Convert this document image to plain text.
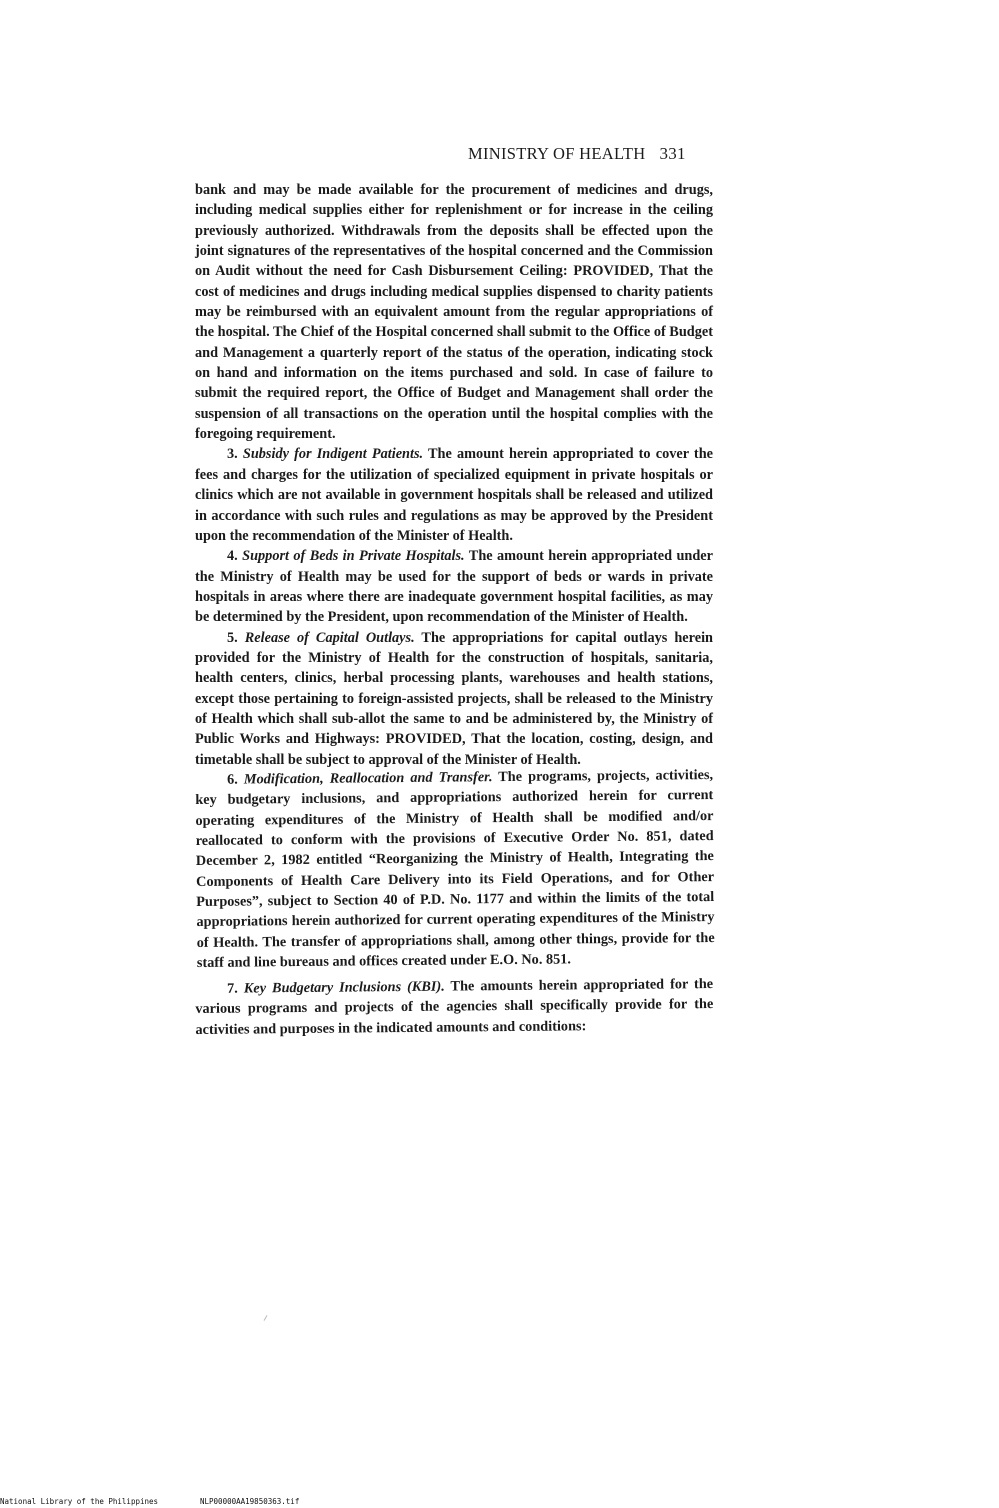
MINISTRY OF HEALTH 331

bank and may be made available for the procurement of medicines and drugs, including medical supplies either for replenishment or for increase in the ceiling previously authorized. Withdrawals from the deposits shall be effected upon the joint signatures of the representatives of the hospital concerned and the Commission on Audit without the need for Cash Disbursement Ceiling: PROVIDED, That the cost of medicines and drugs including medical supplies dispensed to charity patients may be reimbursed with an equivalent amount from the regular appropriations of the hospital. The Chief of the Hospital concerned shall submit to the Office of Budget and Management a quarterly report of the status of the operation, indicating stock on hand and information on the items purchased and sold. In case of failure to submit the required report, the Office of Budget and Management shall order the suspension of all transactions on the operation until the hospital complies with the foregoing requirement.

3. Subsidy for Indigent Patients. The amount herein appropriated to cover the fees and charges for the utilization of specialized equipment in private hospitals or clinics which are not available in government hospitals shall be released and utilized in accordance with such rules and regulations as may be approved by the President upon the recommendation of the Minister of Health.

4. Support of Beds in Private Hospitals. The amount herein appropriated under the Ministry of Health may be used for the support of beds or wards in private hospitals in areas where there are inadequate government hospital facilities, as may be determined by the President, upon recommendation of the Minister of Health.

5. Release of Capital Outlays. The appropriations for capital outlays herein provided for the Ministry of Health for the construction of hospitals, sanitaria, health centers, clinics, herbal processing plants, warehouses and health stations, except those pertaining to foreign-assisted projects, shall be released to the Ministry of Health which shall sub-allot the same to and be administered by, the Ministry of Public Works and Highways: PROVIDED, That the location, costing, design, and timetable shall be subject to approval of the Minister of Health.

6. Modification, Reallocation and Transfer. The programs, projects, activities, key budgetary inclusions, and appropriations authorized herein for current operating expenditures of the Ministry of Health shall be modified and/or reallocated to conform with the provisions of Executive Order No. 851, dated December 2, 1982 entitled “Reorganizing the Ministry of Health, Integrating the Components of Health Care Delivery into its Field Operations, and for Other Purposes”, subject to Section 40 of P.D. No. 1177 and within the limits of the total appropriations herein authorized for current operating expenditures of the Ministry of Health. The transfer of appropriations shall, among other things, provide for the staff and line bureaus and offices created under E.O. No. 851.

7. Key Budgetary Inclusions (KBI). The amounts herein appropriated for the various programs and projects of the agencies shall specifically provide for the activities and purposes in the indicated amounts and conditions:

National Library of the Philippines	NLP00000AA19850363.tif
